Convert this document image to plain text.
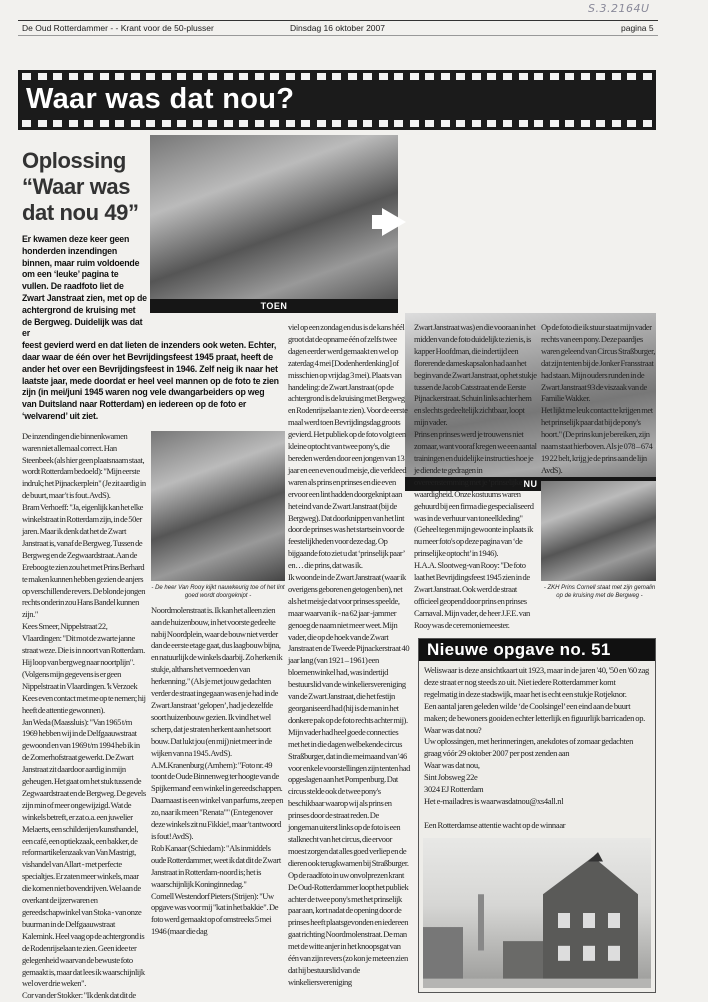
S.3.2164U
De Oud Rotterdammer - - Krant voor de 50-plusser	Dinsdag 16 oktober 2007	pagina 5
Waar was dat nou?
TOEN
NU
Oplossing “Waar was dat nou 49”
Er kwamen deze keer geen honderden inzendingen binnen, maar ruim voldoende om een ‘leuke’ pagina te vullen. De raadfoto liet de Zwart Janstraat zien, met op de achtergrond de kruising met de Bergweg. Duidelijk was dat er
feest gevierd werd en dat lieten de inzenders ook weten. Echter, daar waar de één over het Bevrijdingsfeest 1945 praat, heeft de ander het over een Bevrijdingsfeest in 1946. Zelf neig ik naar het laatste jaar, mede doordat er heel veel mannen op de foto te zien zijn (in mei/juni 1945 waren nog vele dwangarbeiders op weg van Duitsland naar Rotterdam) en iedereen op de foto er ‘welvarend’ uit ziet.

De inzendingen die binnenkwamen waren niet allemaal correct. Han Steenbeek (als hier geen plaatsnaam staat, wordt Rotterdam bedoeld): "Mijn eerste indruk; het Pijnackerplein" (Je zit aardig in de buurt, maar 't is fout. AvdS).

Bram Verhoeff: "Ja, eigenlijk kan het elke winkelstraat in Rotterdam zijn, in de 50er jaren. Maar ik denk dat het de Zwart Janstraat is, vanaf de Bergweg. Tussen de Bergweg en de Zegwaardstraat. Aan de Ereboog te zien zou het met Prins Berhard te maken kunnen hebben gezien de anjers op verschillende revers. De blonde jongen rechts onderin zou Hans Bandel kunnen zijn."

Kees Smeer, Nippelstraat 22, Vlaardingen: "Dit mot de zwarte janne straat weze. Die is in noort van Rotterdam. Hij loop van bergweg naar noortplijn". (Volgens mijn gegevens is er geen Nippelstraat in Vlaardingen. 'k Verzoek Kees even contact met me op te nemen; hij heeft de attentie gewonnen).

Jan Weda (Maassluis): "Van 1965 t/m 1969 hebben wij in de Delfgaauwstraat gewoond en van 1969 t/m 1994 heb ik in de Zomerhofstraat gewerkt. De Zwart Janstraat zit daardoor aardig in mijn geheugen. Het gaat om het stuk tussen de Zegwaardstraat en de Bergweg. De gevels zijn min of meer ongewijzigd. Wat de winkels betreft, er zat o.a. een juwelier Melaerts, een schilderijen/kunsthandel, een café, een optiekzaak, een bakker, de reformartikelenzaak van Van Mastrigt, vishandel van Allart - met perfecte specialtjes. Er zaten meer winkels, maar die komen niet bovendrijven. Wel aan de overkant de ijzerwaren en gereedschapwinkel van Stoka - van onze buurman in de Delfgaauwstraat Kalemink. Heel vaag op de achtergrond is de Rodenrijselaan te zien. Geen idee ter gelegenheid waarvan de bewuste foto gemaakt is, maar dat lees ik waarschijnlijk wel over drie weken".

Cor van der Stokker: "Ik denk dat dit de

- De heer Van Rooy kijkt nauwkeurig toe of het lint goed wordt doorgeknipt -

Noordmolenstraat is. Ik kan het alleen zien aan de huizenbouw, in het voorste gedeelte nabij Noordplein, waar de bouw niet verder dan de eerste etage gaat, dus laagbouw bijna, en natuurlijk de winkels daarbij. Zo herken ik stukje, althans het vermoeden van herkenning." (Als je met jouw gedachten verder de straat ingegaan was en je had in de Zwart Janstraat ‘gelopen’, had je dezelfde soort huizenbouw gezien. Ik vind het wel scherp, dat je straten herkent aan het soort bouw. Dat lukt jou (en mij) niet meer in de wijken van na 1945. AvdS).

A.M.Kranenburg (Arnhem): "Foto nr. 49 toont de Oude Binnenweg ter hoogte van de Spijkermand' een winkel in gereedschappen. Daarnaast is een winkel van parfums, zeep en zo, naar ik meen "Renata"" (En tegenover deze winkels zit nu Fikkie!, maar 't antwoord is fout! AvdS).

Rob Kanaar (Schiedam): "Als inmiddels oude Rotterdammer, weet ik dat dit de Zwart Janstraat in Rotterdam-noord is; het is waarschijnlijk Koninginnedag."

Cornell Westendorf Pieters (Strijen): "Uw opgave was voor mij "kat in het bakkie". De foto werd gemaakt op of omstreeks 5 mei 1946 (maar die dag

viel op een zondag en dus is de kans héél groot dat de opname één of zelfs twee dagen eerder werd gemaakt en wel op zaterdag 4 mei [Dodenherdenking] of misschien op vrijdag 3 mei). Plaats van handeling: de Zwart Janstraat (op de achtergrond is de kruising met Bergweg en Rodenrijselaan te zien). Voor de eerste maal werd toen Bevrijdingsdag groots gevierd. Het publiek op de foto volgt een kleine optocht van twee pony's, die bereden werden door een jongen van 13 jaar en een even oud meisje, die verkleed waren als prins en prinses en die even ervoor een lint hadden doorgeknipt aan het eind van de Zwart Janstraat (bij de Bergweg). Dat doorknippen van het lint door de prinses was het startsein voor de feestelijkheden voor deze dag. Op bijgaande foto ziet u dat ‘prinselijk paar’ en… die prins, dat was ik.

Ik woonde in de Zwart Janstraat (waar ik overigens geboren en getogen ben), net als het meisje dat voor prinses speelde, maar waarvan ik - na 62 jaar -jammer genoeg de naam niet meer weet. Mijn vader, die op de hoek van de Zwart Janstraat en de Tweede Pijnackerstraat 40 jaar lang (van 1921 – 1961) een bloemenwinkel had, was indertijd bestuurslid van de winkeliersvereniging van de Zwart Janstraat, die het festijn georganiseerd had (hij is de man in het donkere pak op de foto rechts achter mij). Mijn vader had heel goede connecties met het in die dagen welbekende circus Straßburger, dat in die meimaand van '46 voor enkele voorstellingen zijn tenten had opgeslagen aan het Pompenburg. Dat circus stelde ook de twee pony's beschikbaar waarop wij als prins en prinses door de straat reden. De jongeman uiterst links op de foto is een stalknecht van het circus, die ervoor moest zorgen dat alles goed verliep en de dieren ook terugkwamen bij Straßburger.

Op de raadfoto in uw onvolprezen krant De Oud-Rotterdammer loopt het publiek achter de twee pony's met het prinselijk paar aan, kort nadat de opening door de prinses heeft plaatsgevonden en iedereen gaat richting Noordmolenstraat. De man met de witte anjer in het knoopsgat van één van zijn revers (zo kon je meteen zien dat hij bestuurslid van de winkeliersvereniging

Zwart Janstraat was) en die vooraan in het midden van de foto duidelijk te zien is, is kapper Hoofdman, die indertijd een florerende dameskapsalon had aan het begin van de Zwart Janstraat, op het stukje tussen de Jacob Catsstraat en de Eerste Pijnackerstraat. Schuin links achter hem en slechts gedeeltelijk zichtbaar, loopt mijn vader.

Prins en prinses werd je trouwens niet zomaar, want vooraf kregen we een aantal trainingen en duidelijke instructies hoe je je diende te gedragen in overeenstemming met je ‘prinselijke’ waardigheid. Onze kostuums waren gehuurd bij een firma die gespecialiseerd was in de verhuur van toneelkleding" (Geheel tegen mijn gewoonte in plaats ik nu meer foto's op deze pagina van ‘de prinselijke optocht’ in 1946).

H.A.A. Slootweg-van Rooy: "De foto laat het Bevrijdingsfeest 1945 zien in de Zwart Janstraat. Ook werd de straat officieel geopend door prins en prinses Carnaval. Mijn vader, de heer J.F.E. van Rooy was de ceremoniemeester.

Op de foto die ik stuur staat mijn vader rechts van een pony. Deze paardjes waren geleend van Circus Straßburger, dat zijn tenten bij de Jonker Fransstraat had staan. Mijn ouders runden in de Zwart Janstraat 93 de viszaak van de Familie Wakker.

Het lijkt me leuk contact te krijgen met het prinselijk paar dat bij de pony's hoort." (De prins kun je bereiken, zijn naam staat hierboven. Als je 078 – 674 19 22 belt, krijg je de prins aan de lijn AvdS).

- ZKH Prins Cornell staat met zijn gemalin op de kruising met de Bergweg -
Nieuwe opgave no. 51
Weliswaar is deze ansichtkaart uit 1923, maar in de jaren '40, '50 en '60 zag deze straat er nog steeds zo uit. Niet iedere Rotterdammer komt regelmatig in deze stadswijk, maar het is echt een stukje Rotjeknor.
Een aantal jaren geleden wilde ‘de Coolsingel’ een eind aan de buurt maken; de bewoners gooiden echter letterlijk en figuurlijk barricaden op.
Waar was dat nou?
Uw oplossingen, met herinneringen, anekdotes of zomaar gedachten graag vóór 29 oktober 2007 per post zenden aan
Waar was dat nou,
Sint Jobsweg 22e
3024 EJ Rotterdam
Het e-mailadres is waarwasdatnou@xs4all.nl
Een Rotterdamse attentie wacht op de winnaar
